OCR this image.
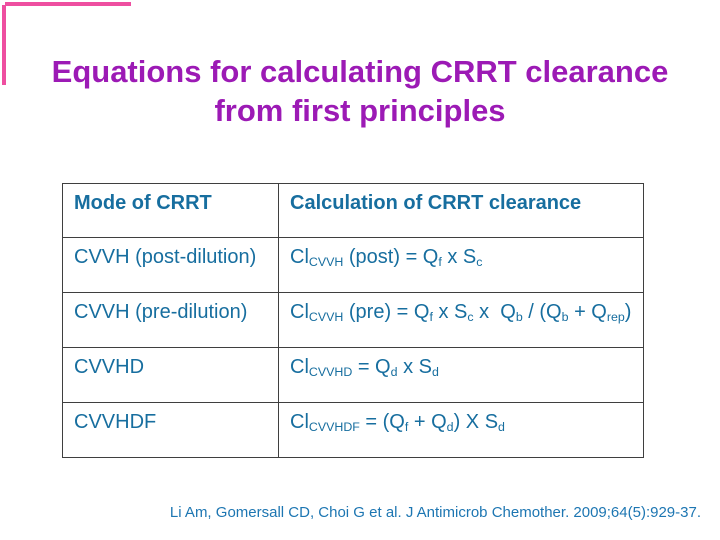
Equations for calculating CRRT clearance
from first principles
Mode of CRRT	Calculation of CRRT clearance
CVVH (post-dilution)	$Cl_{CVVH}$ (post) = $Q_f$ x $S_c$
CVVH (pre-dilution)	$Cl_{CVVH}$ $(pre) = Q_f$ x $S_c$ x  $Q_b / (Q_b + Q_{rep})$
CVVHD	$Cl_{CVVHD} = Q_d$ x $S_d$
CVVHDF	$Cl_{CVVHDF} = (Q_f + Q_d)$ X $S_d$
Li Am, Gomersall CD, Choi G et al. J Antimicrob Chemother. 2009;64(5):929-37.
